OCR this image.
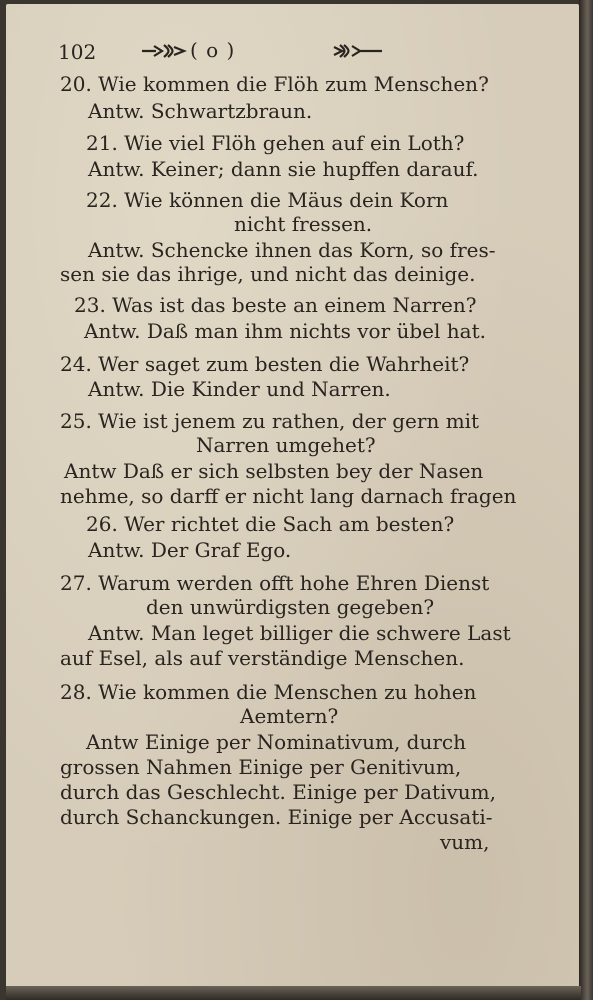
102	( o )
20. Wie kommen die Flöh zum Menschen?
Antw. Schwartzbraun.
21. Wie viel Flöh gehen auf ein Loth?
Antw. Keiner; dann sie hupffen darauf.
22. Wie können die Mäus dein Korn
nicht fressen.
Antw. Schencke ihnen das Korn, so fres-
sen sie das ihrige, und nicht das deinige.
23. Was ist das beste an einem Narren?
Antw. Daß man ihm nichts vor übel hat.
24. Wer saget zum besten die Wahrheit?
Antw. Die Kinder und Narren.
25. Wie ist jenem zu rathen, der gern mit
Narren umgehet?
Antw Daß er sich selbsten bey der Nasen
nehme, so darff er nicht lang darnach fragen
26. Wer richtet die Sach am besten?
Antw. Der Graf Ego.
27. Warum werden offt hohe Ehren Dienst
den unwürdigsten gegeben?
Antw. Man leget billiger die schwere Last
auf Esel, als auf verständige Menschen.
28. Wie kommen die Menschen zu hohen
Aemtern?
Antw Einige per Nominativum, durch
grossen Nahmen Einige per Genitivum,
durch das Geschlecht. Einige per Dativum,
durch Schanckungen. Einige per Accusati-
vum,
